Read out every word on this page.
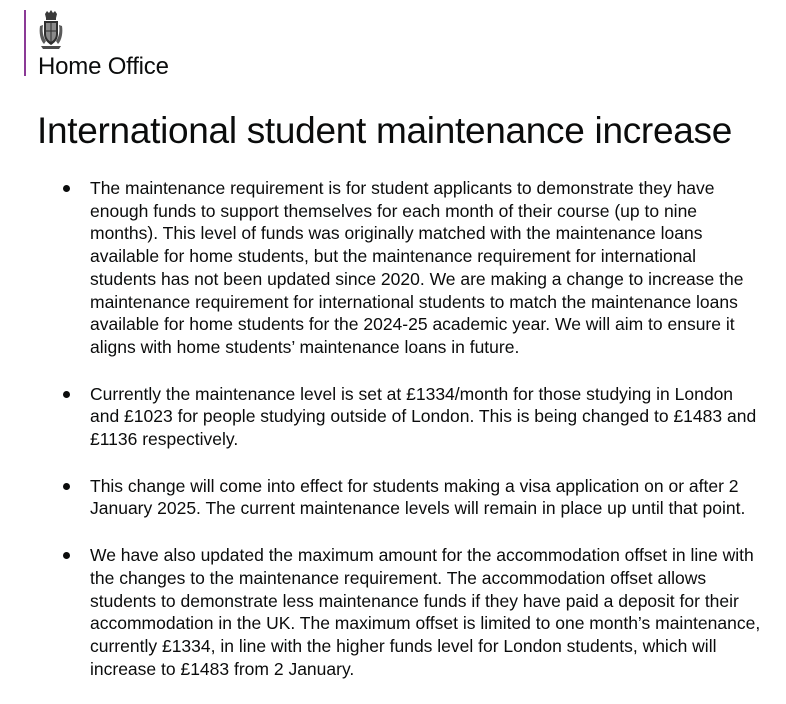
Home Office
International student maintenance increase
The maintenance requirement is for student applicants to demonstrate they have enough funds to support themselves for each month of their course (up to nine months). This level of funds was originally matched with the maintenance loans available for home students, but the maintenance requirement for international students has not been updated since 2020. We are making a change to increase the maintenance requirement for international students to match the maintenance loans available for home students for the 2024-25 academic year. We will aim to ensure it aligns with home students’ maintenance loans in future.
Currently the maintenance level is set at £1334/month for those studying in London and £1023 for people studying outside of London. This is being changed to £1483 and £1136 respectively.
This change will come into effect for students making a visa application on or after 2 January 2025. The current maintenance levels will remain in place up until that point.
We have also updated the maximum amount for the accommodation offset in line with the changes to the maintenance requirement. The accommodation offset allows students to demonstrate less maintenance funds if they have paid a deposit for their accommodation in the UK. The maximum offset is limited to one month’s maintenance, currently £1334, in line with the higher funds level for London students, which will increase to £1483 from 2 January.
